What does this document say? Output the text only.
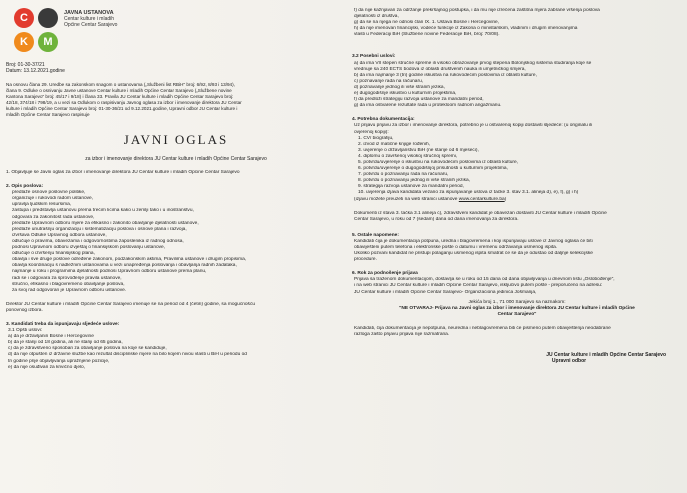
C
K	M
JAVNA USTANOVA
Centar kulture i mladih
Općine Centar Sarajevo
Broj: 01-30-37/21
Datum: 13.12.2021.godine
Na osnovu člana 29. Uredbe sa zakonskom snagom o ustanovama („Službeni list RBiH" broj: 6/92, 8/93 i 13/94),
člana 9. Odluke o osnivanju Javne ustanove Centar kulture i mladih Općine Centar Sarajevo („Službene novine
Kantona Sarajevo" broj: 45/17 i 9/18) i člana 33. Pravila JU Centar kulture i mladih Općine Centar Sarajevo broj:
42/18, 374/18 i 798/19, a u vezi sa Odlukom o raspisivanju Javnog oglasa za izbor i imenovanje direktora JU Centar
kulture i mladih Općine Centar Sarajevo broj: 01-30-36/21 od 9.12.2021.godine, Upravni odbor JU Centar kulture i
mladih Općine Centar Sarajevo raspisuje
JAVNI OGLAS
za izbor i imenovanje direktora JU Centar kulture i mladih Općine Centar Sarajevo
1. Objavljuje se Javni oglas za izbor i imenovanje direktora JU Centar kulture i mladih Općine Centar Sarajevo
2. Opis poslova:
predlaže osnove poslovne politike,
organizuje i rukovodi radom ustanove,
upravlja ljudskim resursima,
zastupa i predstavlja ustanovu prema trećim licima kako u zemlji tako i u inostranstvu,
odgovara za zakonitost rada ustanove,
predlaže Upravnom odboru mjere za efikasno i zakonito obavljanje djelatnosti ustanove,
predlaže unutrašnju organizaciju i sistematizaciju poslova i osnove plana i razvoja,
izvršava Odluke Upravnog odbora ustanove,
odlučuje o pravima, obavezama i odgovornostima zaposlenika iz radnog odnosa,
podnosi Upravnom odboru izvještaj o finansijskom poslovanju ustanove,
odlučuje o izvršenju finansijskog plana,
obavlja i sve druge poslove određene zakonom, podzakonskim aktima, Pravilima ustanove i drugim propisima,
obavlja koordinaciju s nadležnim ustanovama u vezi unapređenja poslovanja i obavljanja radnih zadataka,
najmanje u roku i programima djelatnosti podnosi Upravnom odboru ustanove prema planu,
radi se i odgovara za sprovođenje pravila ustanove,
stručno, efikasno i blagovremeno obavljanje poslova,
za svoj rad odgovoran je Upravnom odboru ustanove.
Direktor JU Centar kulture i mladih Općine Centar Sarajevo imenuje se na period od 4 (četiri) godine, sa mogućnošću
ponovnog izbora.
3. Kandidati treba da ispunjavaju sljedeće uslove:
3.1 Opšti uslovi:
a) da je državljanin Bosne i Hercegovine
b) da je stariji od 18 godina, ali ne stariji od 65 godina,
c) da je zdravstveno sposoban za obavljanje poslova na koje se kandiduje,
d) da nije otpušten iz državne službe kao rezultat disciplinske mjere na bilo kojem nivou vlasti u BiH u periodu od
tri godine prije objavljivanja upražnjene pozicije,
e) da nije osuđivan za krivično djelo,
f) da nije kažnjavan za održanje prekršajnog postupka, i da mu nije izrečena zaštitna mjera zabrane vršenja poslova
djelatnosti iz društva,
g) da se na njega ne odnosi član IX. 1. Ustava Bosne i Hercegovine,
h) da nije imenovan financijski, vodeće funkcije iz Zakona o ministarskim, vladinim i drugim imenovanjima
vlasti u Federaciji BiH (Službene novine Federacije BiH, broj: 70/08).
3.2 Posebni uslovi:
a) da ima VII stepen stručne spreme ili visoko obrazovanje prvog stepena Bolonjskog sistema studiranja koje se
vrednuje sa 240 ECTS bodova iz oblasti društvenih nauka ili umjetničkog smjera,
b) da ima najmanje 3 (tri) godine iskustva na rukovodećim poslovima iz oblasti kulture,
c) poznavanje rada na računaru,
d) poznavanje jednog ili više stranih jezika,
e) dugogodišnje iskustvo u kulturnim projektima,
f) da predloži strategiju razvoja ustanove za mandatni period,
g) da ima ostvarene rezultate rada u protekloom radnom angažmanu.
4. Potrebna dokumentacija:
Uz prijavu prijavu za izbor i imenovanje direktora, potrebno je u ostvarenoj kopiji dostaviti sljedeće: (u originalu ili
ovjerenoj kopiji):
1. CV/ biografiju,
2. izvod iz matične knjige rođenih,
3. uvjerenje o državljanstvu BiH (ne starije od 6 mjeseci),
4. diplomu o završenoj visokoj stručnoj spremi,
5. potvrdu/uvjerenje o iskustvu na rukovodećim poslovima iz oblasti kulture,
6. potvrdu/uvjerenje o dugogodišnjoj prisutnosti u kulturnim projektima,
7. potvrdu o poznavanju rada na računaru,
8. potvrdu o poznavanju jednog ili više stranih jezika,
9. strategija razvoja ustanove za mandatni period,
10. uvjerenja izjava kandidata vezano za ispunjavanje uslova iz tačke 3. stav 3.1. alineja d), e), f), g) i h)
(izjavu možete preuzeti na web stranici ustanove www.centarkulture.ba)
Dokumenti iz stava 3. tačka 3.1 alineja c), zdravstveni kandidat je obavezan dostaviti JU Centar kulture i mladih Općine
Centar Sarajevo, u roku od 7 (sedam) dana od dana imenovanja za direktora.
5. Ostale napomene:
Kandidati čija je dokumentacija potpuna, uredna i blagovremena i koji ispunjavaju uslove iz Javnog oglasa će biti
obaviješteni putem telefona i elektronske pošte o datumu i vremenu održavanja usmenog ispita.
Ukoliko pozvani kandidat ne pristupi polaganju usmenog ispita smatrat će se da je odustao od daljnje selekcijske
procedure.
6. Rok za podnošenje prijava
Prijava sa traženom dokumentacijom, dostavlja se u roku od 15 dana od dana objavljivanja u dnevnom listu „Oslobođenje",
i na web stranici JU Centar kulture i mladih Općine Centar Sarajevo, isključivo putem pošte - preporučeno na adresu:
JU Centar kulture i mladih Općine Centar Sarajevo- Organizaciona jedinica Jošmanja,
Jekića broj 1., 71 000 Sarajevo sa naznakom:
"NE OTVARAJ- Prijava na Javni oglas za izbor i imenovanje direktora JU Centar kulture i mladih Općine
Centar Sarajevo"
Kandidati, čija dokumentacija je nepotpuna, neuredna i neblagovremena biti će pismeno putem obavještenja neodabrane
razloga zašto prijavu prijava nije razmatrana.
JU Centar kulture i mladih Općine Centar Sarajevo
Upravni odbor
